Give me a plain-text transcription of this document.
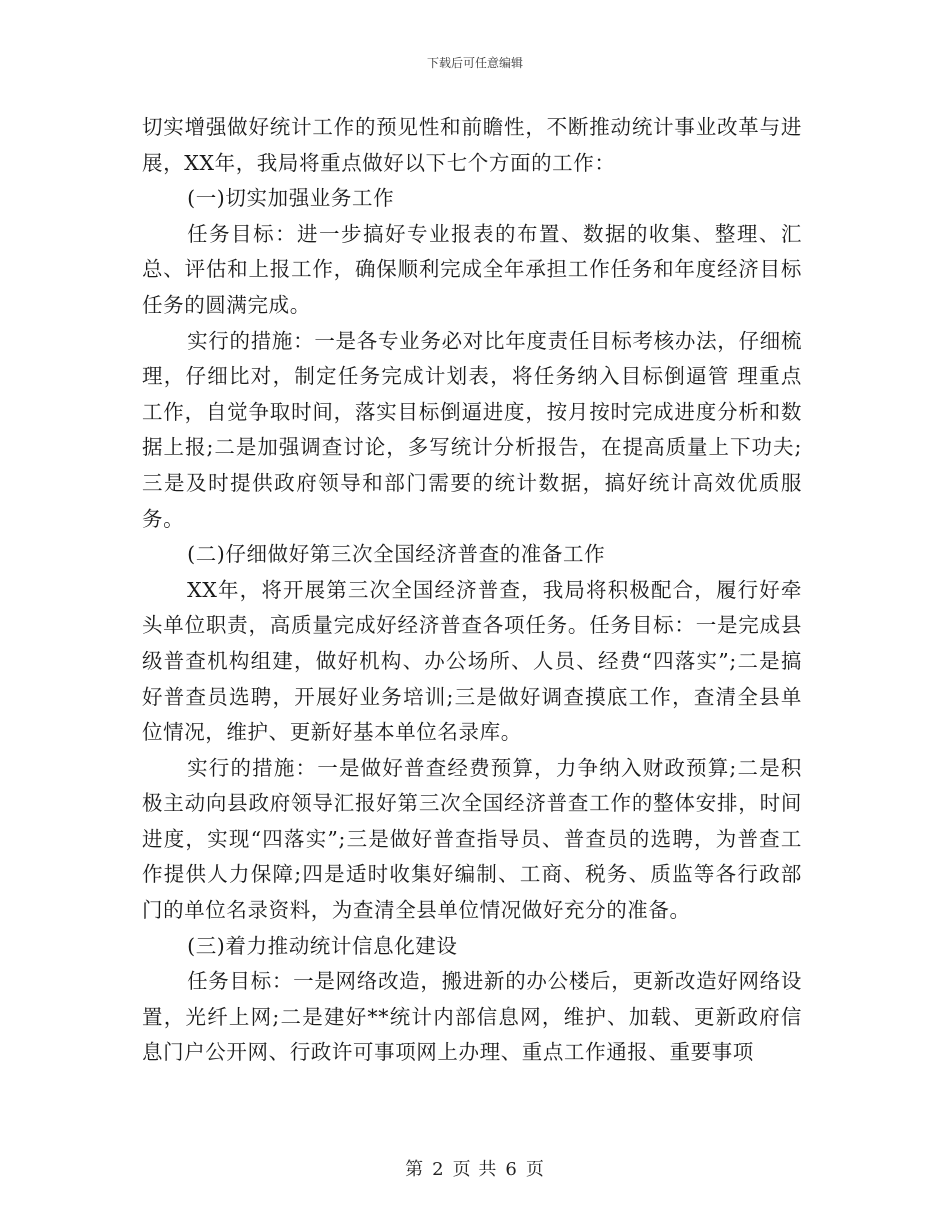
下载后可任意编辑

切实增强做好统计工作的预见性和前瞻性，不断推动统计事业改革与进展，XX年，我局将重点做好以下七个方面的工作：

(一)切实加强业务工作

任务目标：进一步搞好专业报表的布置、数据的收集、整理、汇总、评估和上报工作，确保顺利完成全年承担工作任务和年度经济目标任务的圆满完成。

实行的措施：一是各专业务必对比年度责任目标考核办法，仔细梳理，仔细比对，制定任务完成计划表，将任务纳入目标倒逼管 理重点工作，自觉争取时间，落实目标倒逼进度，按月按时完成进度分析和数据上报;二是加强调查讨论，多写统计分析报告，在提高质量上下功夫;三是及时提供政府领导和部门需要的统计数据，搞好统计高效优质服务。

(二)仔细做好第三次全国经济普查的准备工作

XX年，将开展第三次全国经济普查，我局将积极配合，履行好牵头单位职责，高质量完成好经济普查各项任务。任务目标：一是完成县级普查机构组建，做好机构、办公场所、人员、经费“四落实”;二是搞好普查员选聘，开展好业务培训;三是做好调查摸底工作，查清全县单位情况，维护、更新好基本单位名录库。

实行的措施：一是做好普查经费预算，力争纳入财政预算;二是积极主动向县政府领导汇报好第三次全国经济普查工作的整体安排，时间进度，实现“四落实”;三是做好普查指导员、普查员的选聘，为普查工作提供人力保障;四是适时收集好编制、工商、税务、质监等各行政部门的单位名录资料，为查清全县单位情况做好充分的准备。

(三)着力推动统计信息化建设

任务目标：一是网络改造，搬进新的办公楼后，更新改造好网络设置，光纤上网;二是建好**统计内部信息网，维护、加载、更新政府信息门户公开网、行政许可事项网上办理、重点工作通报、重要事项

第 2 页 共 6 页
